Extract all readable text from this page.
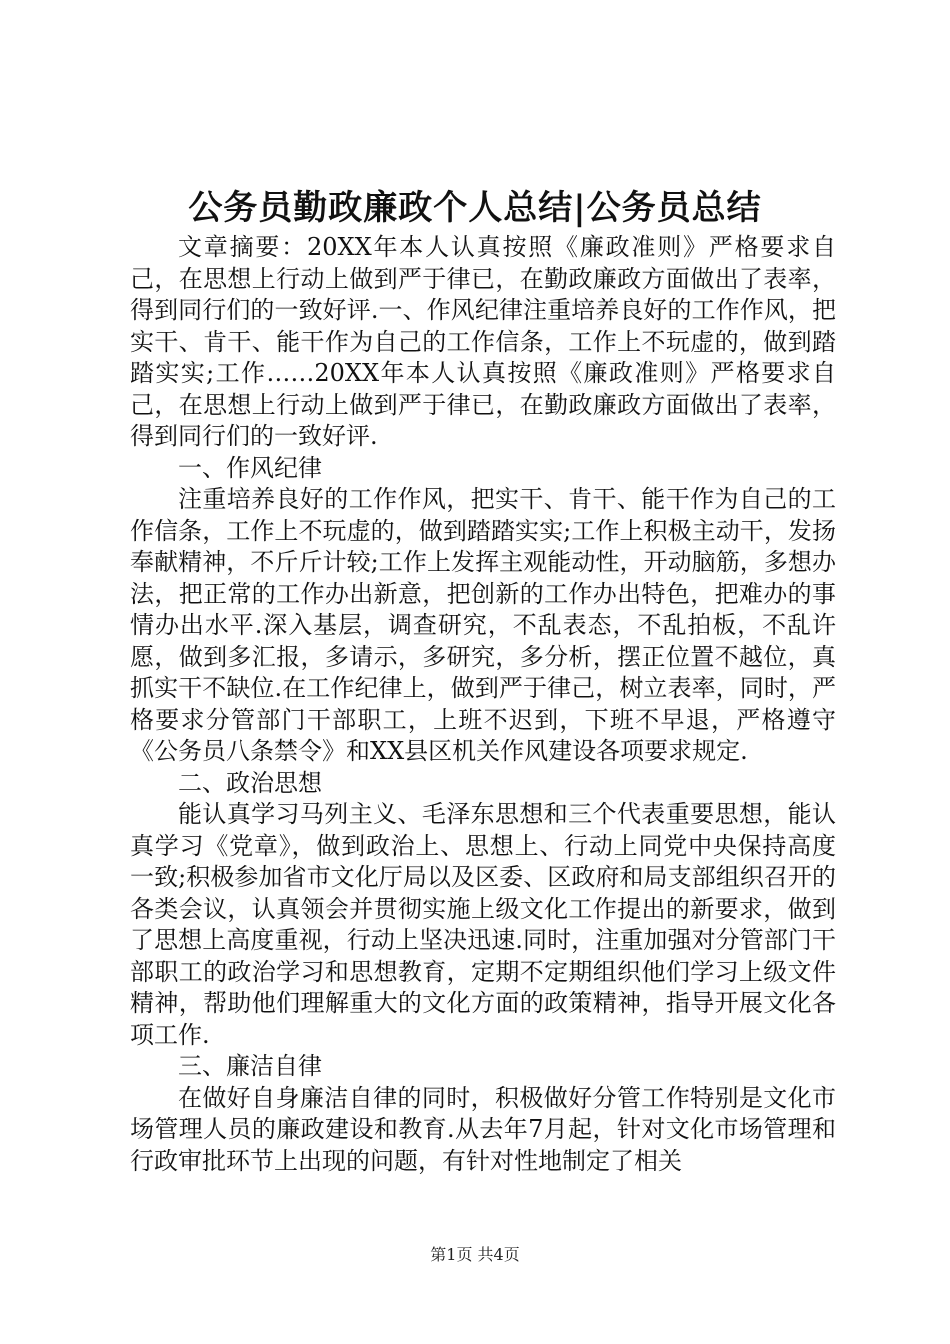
公务员勤政廉政个人总结|公务员总结

文章摘要：20XX年本人认真按照《廉政准则》严格要求自己，在思想上行动上做到严于律已，在勤政廉政方面做出了表率，得到同行们的一致好评.一、作风纪律注重培养良好的工作作风，把实干、肯干、能干作为自己的工作信条，工作上不玩虚的，做到踏踏实实;工作……20XX年本人认真按照《廉政准则》严格要求自己，在思想上行动上做到严于律已，在勤政廉政方面做出了表率，得到同行们的一致好评.

一、作风纪律

注重培养良好的工作作风，把实干、肯干、能干作为自己的工作信条，工作上不玩虚的，做到踏踏实实;工作上积极主动干，发扬奉献精神，不斤斤计较;工作上发挥主观能动性，开动脑筋，多想办法，把正常的工作办出新意，把创新的工作办出特色，把难办的事情办出水平.深入基层，调查研究，不乱表态，不乱拍板，不乱许愿，做到多汇报，多请示，多研究，多分析，摆正位置不越位，真抓实干不缺位.在工作纪律上，做到严于律己，树立表率，同时，严格要求分管部门干部职工，上班不迟到，下班不早退，严格遵守《公务员八条禁令》和XX县区机关作风建设各项要求规定.

二、政治思想

能认真学习马列主义、毛泽东思想和三个代表重要思想，能认真学习《党章》，做到政治上、思想上、行动上同党中央保持高度一致;积极参加省市文化厅局以及区委、区政府和局支部组织召开的各类会议，认真领会并贯彻实施上级文化工作提出的新要求，做到了思想上高度重视，行动上坚决迅速.同时，注重加强对分管部门干部职工的政治学习和思想教育，定期不定期组织他们学习上级文件精神，帮助他们理解重大的文化方面的政策精神，指导开展文化各项工作.

三、廉洁自律

在做好自身廉洁自律的同时，积极做好分管工作特别是文化市场管理人员的廉政建设和教育.从去年7月起，针对文化市场管理和行政审批环节上出现的问题，有针对性地制定了相关

第1页 共4页
